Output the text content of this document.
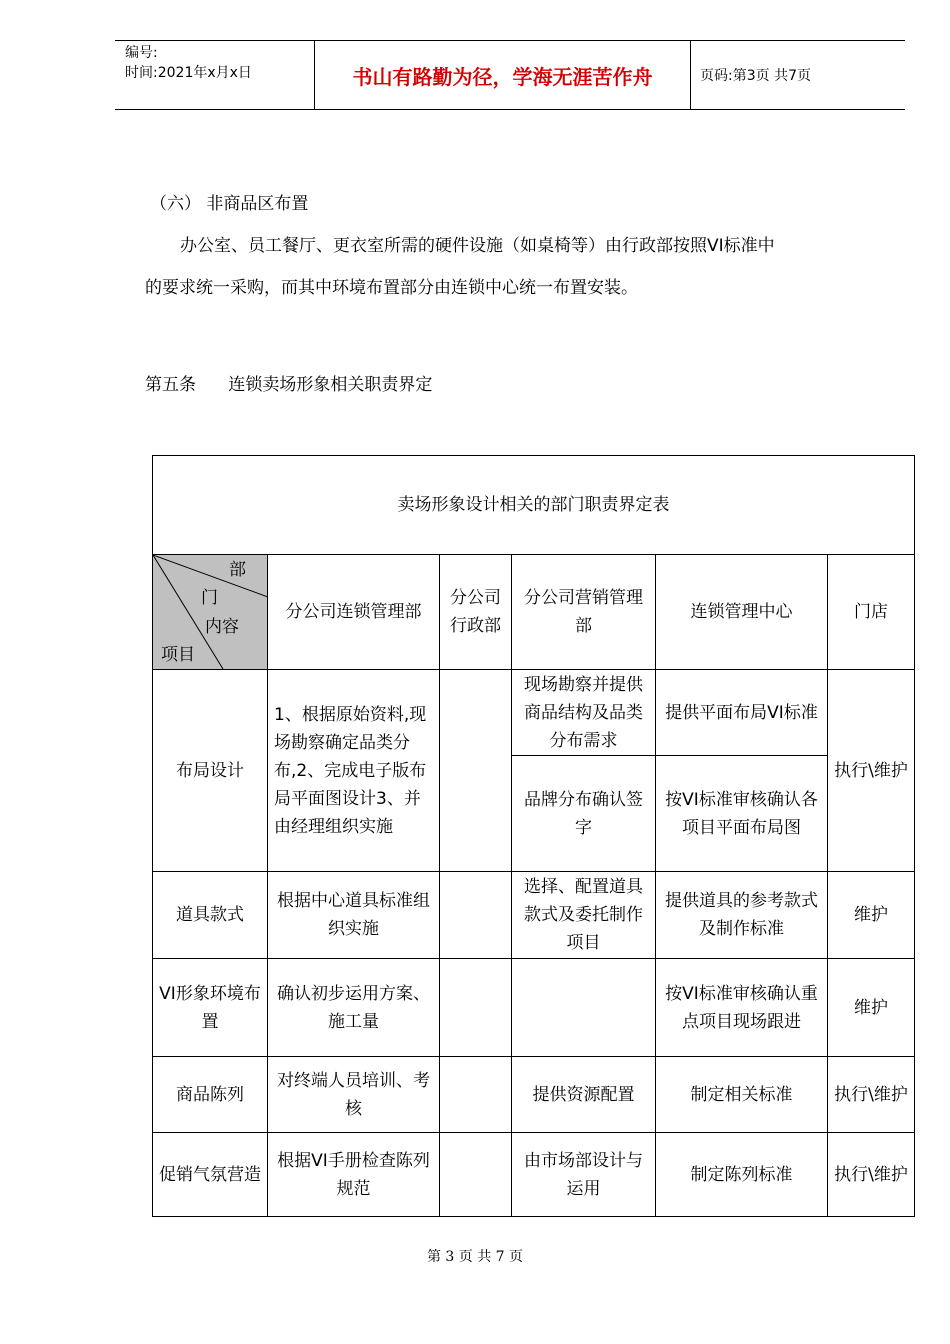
编号:
时间:2021年x月x日	书山有路勤为径，学海无涯苦作舟	页码:第3页 共7页
（六） 非商品区布置
办公室、员工餐厅、更衣室所需的硬件设施（如桌椅等）由行政部按照VI标准中
的要求统一采购，而其中环境布置部分由连锁中心统一布置安装。
第五条      连锁卖场形象相关职责界定
卖场形象设计相关的部门职责界定表					

部
门
内容
项目	分公司连锁管理部	分公司行政部	分公司营销管理部	连锁管理中心	门店
布局设计	1、根据原始资料,现场勘察确定品类分布,2、完成电子版布局平面图设计3、并由经理组织实施		现场勘察并提供商品结构及品类分布需求	提供平面布局VI标准	执行\维护
			品牌分布确认签字	按VI标准审核确认各项目平面布局图	
道具款式	根据中心道具标准组织实施		选择、配置道具款式及委托制作项目	提供道具的参考款式及制作标准	维护
VI形象环境布置	确认初步运用方案、施工量			按VI标准审核确认重点项目现场跟进	维护
商品陈列	对终端人员培训、考核		提供资源配置	制定相关标准	执行\维护
促销气氛营造	根据VI手册检查陈列规范		由市场部设计与运用	制定陈列标准	执行\维护
第 3 页 共 7 页
